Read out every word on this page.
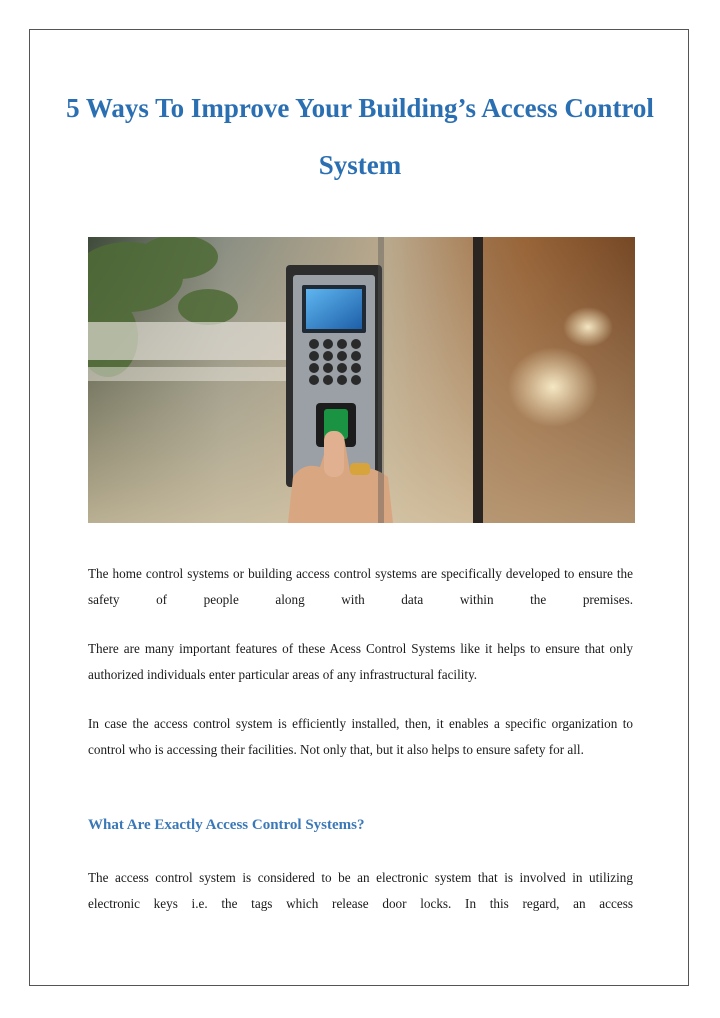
5 Ways To Improve Your Building’s Access Control System

The home control systems or building access control systems are specifically developed to ensure the safety of people along with data within the premises.

There are many important features of these Acess Control Systems like it helps to ensure that only authorized individuals enter particular areas of any infrastructural facility.

In case the access control system is efficiently installed, then, it enables a specific organization to control who is accessing their facilities. Not only that, but it also helps to ensure safety for all.

What Are Exactly Access Control Systems?

The access control system is considered to be an electronic system that is involved in utilizing electronic keys i.e. the tags which release door locks. In this regard, an access
